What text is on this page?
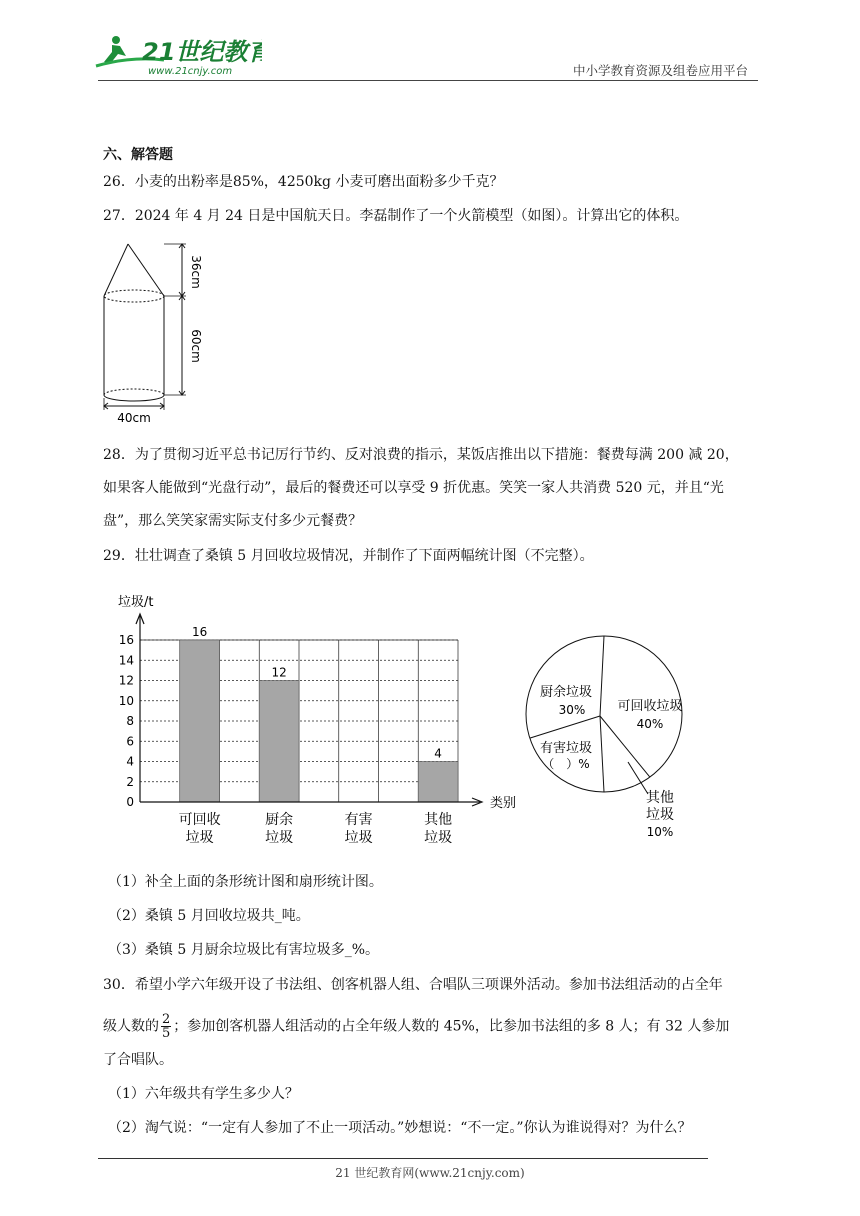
21世纪教育
www.21cnjy.com	中小学教育资源及组卷应用平台
六、解答题
26．小麦的出粉率是85%，4250kg 小麦可磨出面粉多少千克？
27．2024 年 4 月 24 日是中国航天日。李磊制作了一个火箭模型（如图）。计算出它的体积。
36cm
60cm
40cm
28．为了贯彻习近平总书记厉行节约、反对浪费的指示，某饭店推出以下措施：餐费每满 200 减 20，
如果客人能做到“光盘行动”，最后的餐费还可以享受 9 折优惠。笑笑一家人共消费 520 元，并且“光
盘”，那么笑笑家需实际支付多少元餐费？
29．壮壮调查了桑镇 5 月回收垃圾情况，并制作了下面两幅统计图（不完整）。
垃圾/t
类别
16
12
4
0
2
4
6
8
10
12
14
16
可回收
垃圾
厨余
垃圾
有害
垃圾
其他
垃圾
可回收垃圾
40%
厨余垃圾
30%
有害垃圾
（　）%
其他
垃圾
10%
（1）补全上面的条形统计图和扇形统计图。
（2）桑镇 5 月回收垃圾共_吨。
（3）桑镇 5 月厨余垃圾比有害垃圾多_%。
30．希望小学六年级开设了书法组、创客机器人组、合唱队三项课外活动。参加书法组活动的占全年
级人数的 $\frac{2}{5}$ ；参加创客机器人组活动的占全年级人数的 45%，比参加书法组的多 8 人；有 32 人参加
了合唱队。
（1）六年级共有学生多少人？
（2）淘气说：“一定有人参加了不止一项活动。”妙想说：“不一定。”你认为谁说得对？为什么？
21 世纪教育网(www.21cnjy.com)
